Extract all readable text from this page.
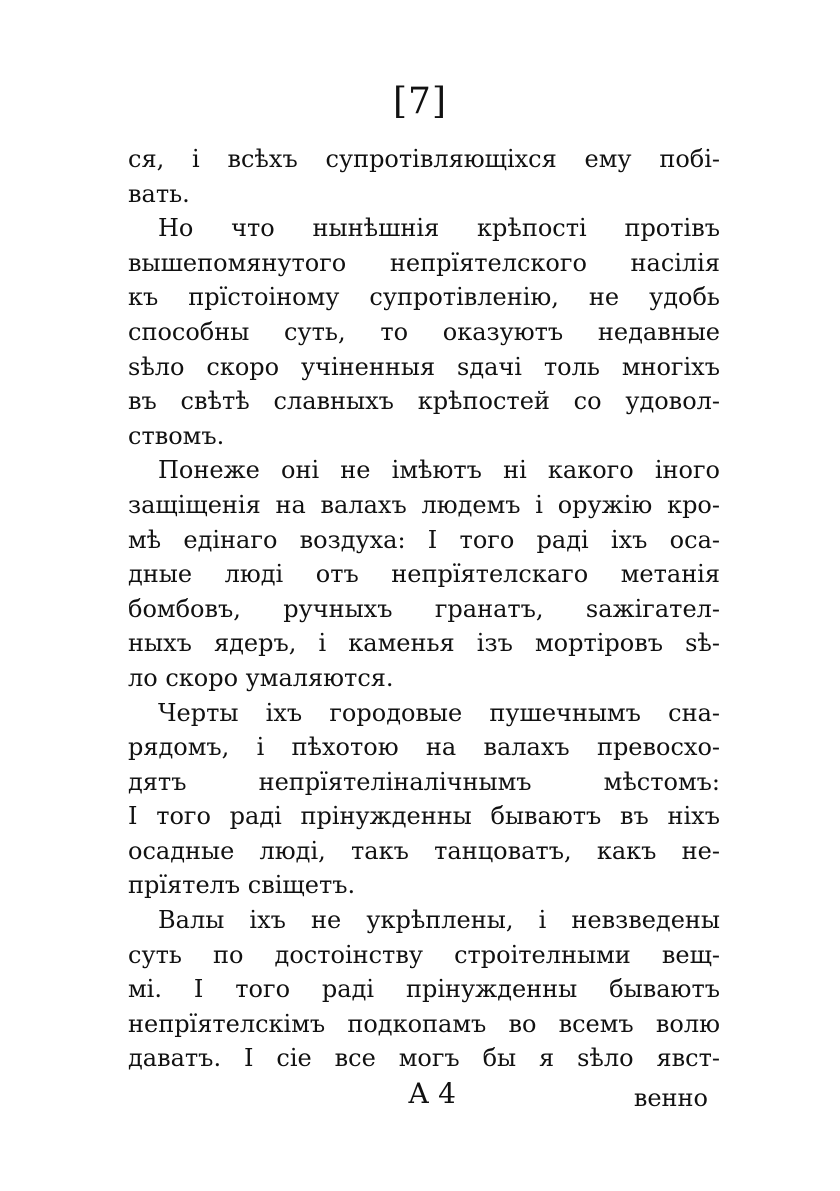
[7]
ся, і всѣхъ супротівляющіхся ему побі-
вать.
Но что нынѣшнія крѣпості протівъ
вышепомянутого непрїятелского насілія
къ прїстоіному супротівленію, не удобь
способны суть, то оказуютъ недавные
ѕѣло скоро учіненныя ѕдачі толь многіхъ
въ свѣтѣ славныхъ крѣпостей со удовол-
ствомъ.
Понеже оні не імѣютъ ні какого іного
защіщенія на валахъ людемъ і оружію кро-
мѣ едінаго воздуха: І того раді іхъ оса-
дные люді отъ непрїятелскаго метанія
бомбовъ, ручныхъ гранатъ, ѕажігател-
ныхъ ядеръ, і каменья ізъ мортіровъ ѕѣ-
ло скоро умаляются.
Черты іхъ городовые пушечнымъ сна-
рядомъ, і пѣхотою на валахъ превосхо-
дятъ непрїятеліналічнымъ мѣстомъ:
І того раді прінужденны бываютъ въ ніхъ
осадные люді, такъ танцоватъ, какъ не-
прїятелъ свіщетъ.
Валы іхъ не укрѣплены, і невзведены
суть по достоінству строітелными вещ-
мі. І того раді прінужденны бываютъ
непрїятелскімъ подкопамъ во всемъ волю
даватъ. І сіе все могъ бы я ѕѣло явст-
А 4	венно
